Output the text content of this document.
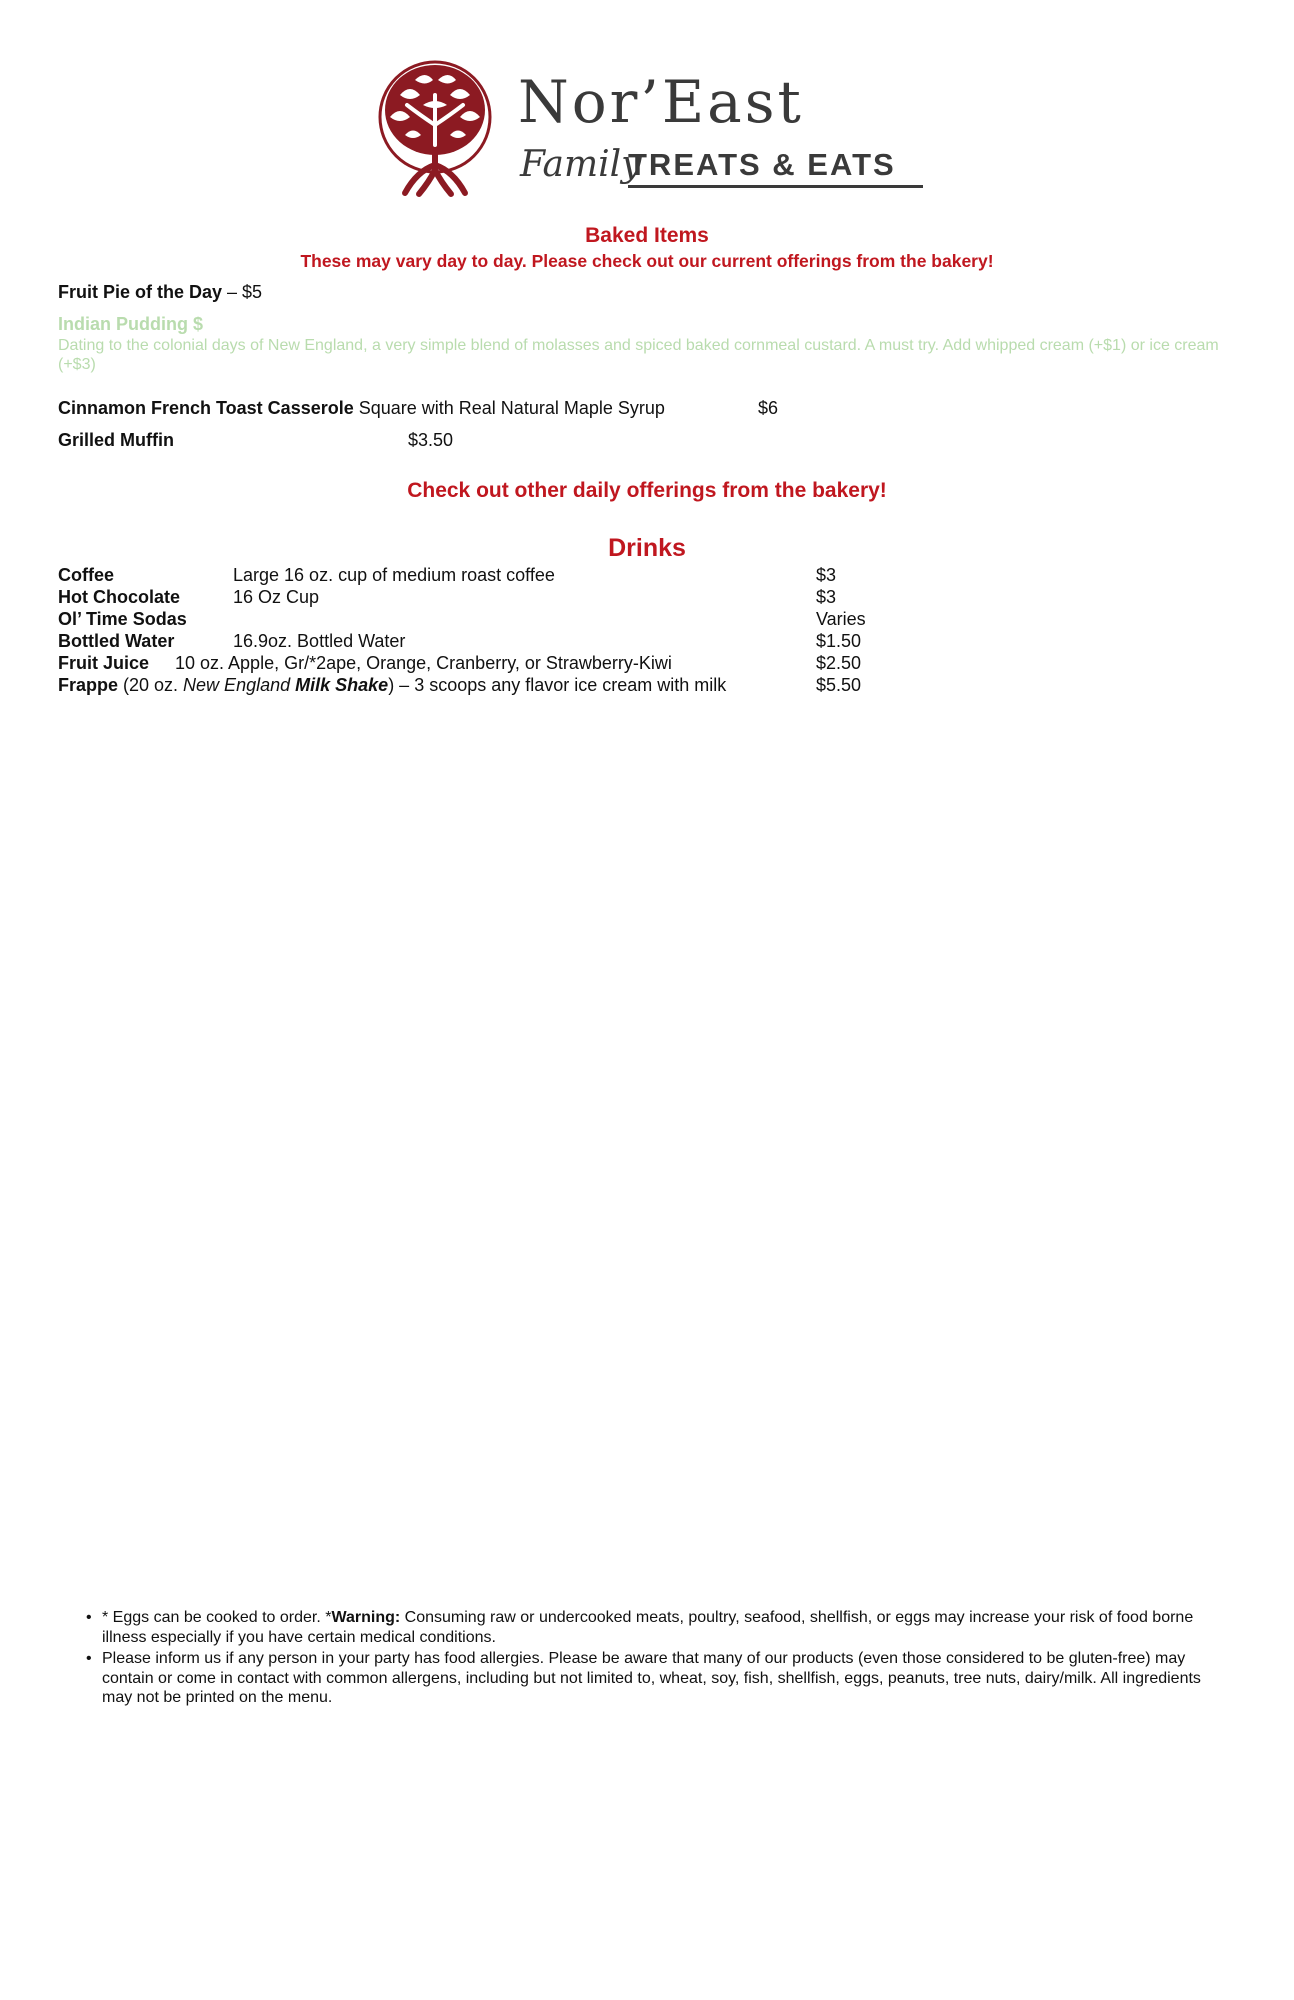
Nor’East
Family
TREATS & EATS
Baked Items
These may vary day to day. Please check out our current offerings from the bakery!
Fruit Pie of the Day – $5
Indian Pudding $
Dating to the colonial days of New England, a very simple blend of molasses and spiced baked cornmeal custard. A must try. Add whipped cream (+$1) or ice cream (+$3)
Cinnamon French Toast Casserole Square with Real Natural Maple Syrup	$6
Grilled Muffin	$3.50
Check out other daily offerings from the bakery!
Drinks
Coffee	Large 16 oz. cup of medium roast coffee	$3
Hot Chocolate	16 Oz Cup	$3
Ol’ Time Sodas	Varies
Bottled Water	16.9oz. Bottled Water	$1.50
Fruit Juice 10 oz. Apple, Gr/*2ape, Orange, Cranberry, or Strawberry-Kiwi	$2.50
Frappe (20 oz. New England Milk Shake) – 3 scoops any flavor ice cream with milk	$5.50
• * Eggs can be cooked to order. *Warning: Consuming raw or undercooked meats, poultry, seafood, shellfish, or eggs may increase your risk of food borne illness especially if you have certain medical conditions.
• Please inform us if any person in your party has food allergies. Please be aware that many of our products (even those considered to be gluten-free) may contain or come in contact with common allergens, including but not limited to, wheat, soy, fish, shellfish, eggs, peanuts, tree nuts, dairy/milk. All ingredients may not be printed on the menu.
